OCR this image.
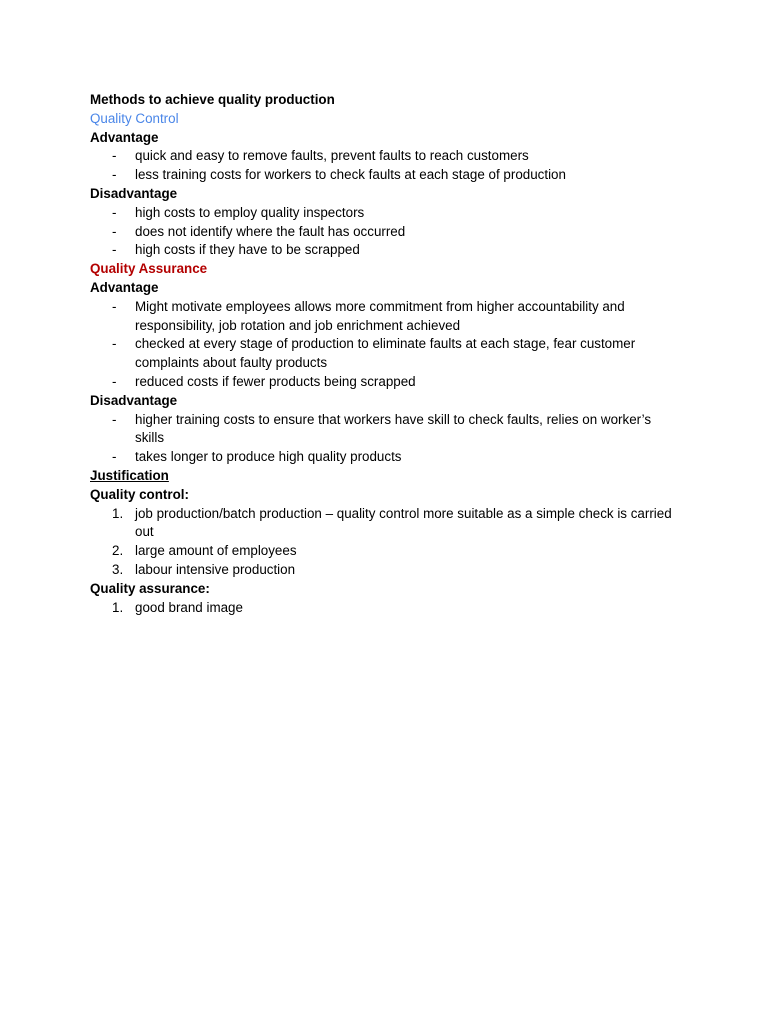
Methods to achieve quality production
Quality Control
Advantage
- quick and easy to remove faults, prevent faults to reach customers
- less training costs for workers to check faults at each stage of production
Disadvantage
- high costs to employ quality inspectors
- does not identify where the fault has occurred
- high costs if they have to be scrapped
Quality Assurance
Advantage
- Might motivate employees allows more commitment from higher accountability and responsibility, job rotation and job enrichment achieved
- checked at every stage of production to eliminate faults at each stage, fear customer complaints about faulty products
- reduced costs if fewer products being scrapped
Disadvantage
- higher training costs to ensure that workers have skill to check faults, relies on worker’s skills
- takes longer to produce high quality products
Justification
Quality control:
1. job production/batch production – quality control more suitable as a simple check is carried out
2. large amount of employees
3. labour intensive production
Quality assurance:
1. good brand image
